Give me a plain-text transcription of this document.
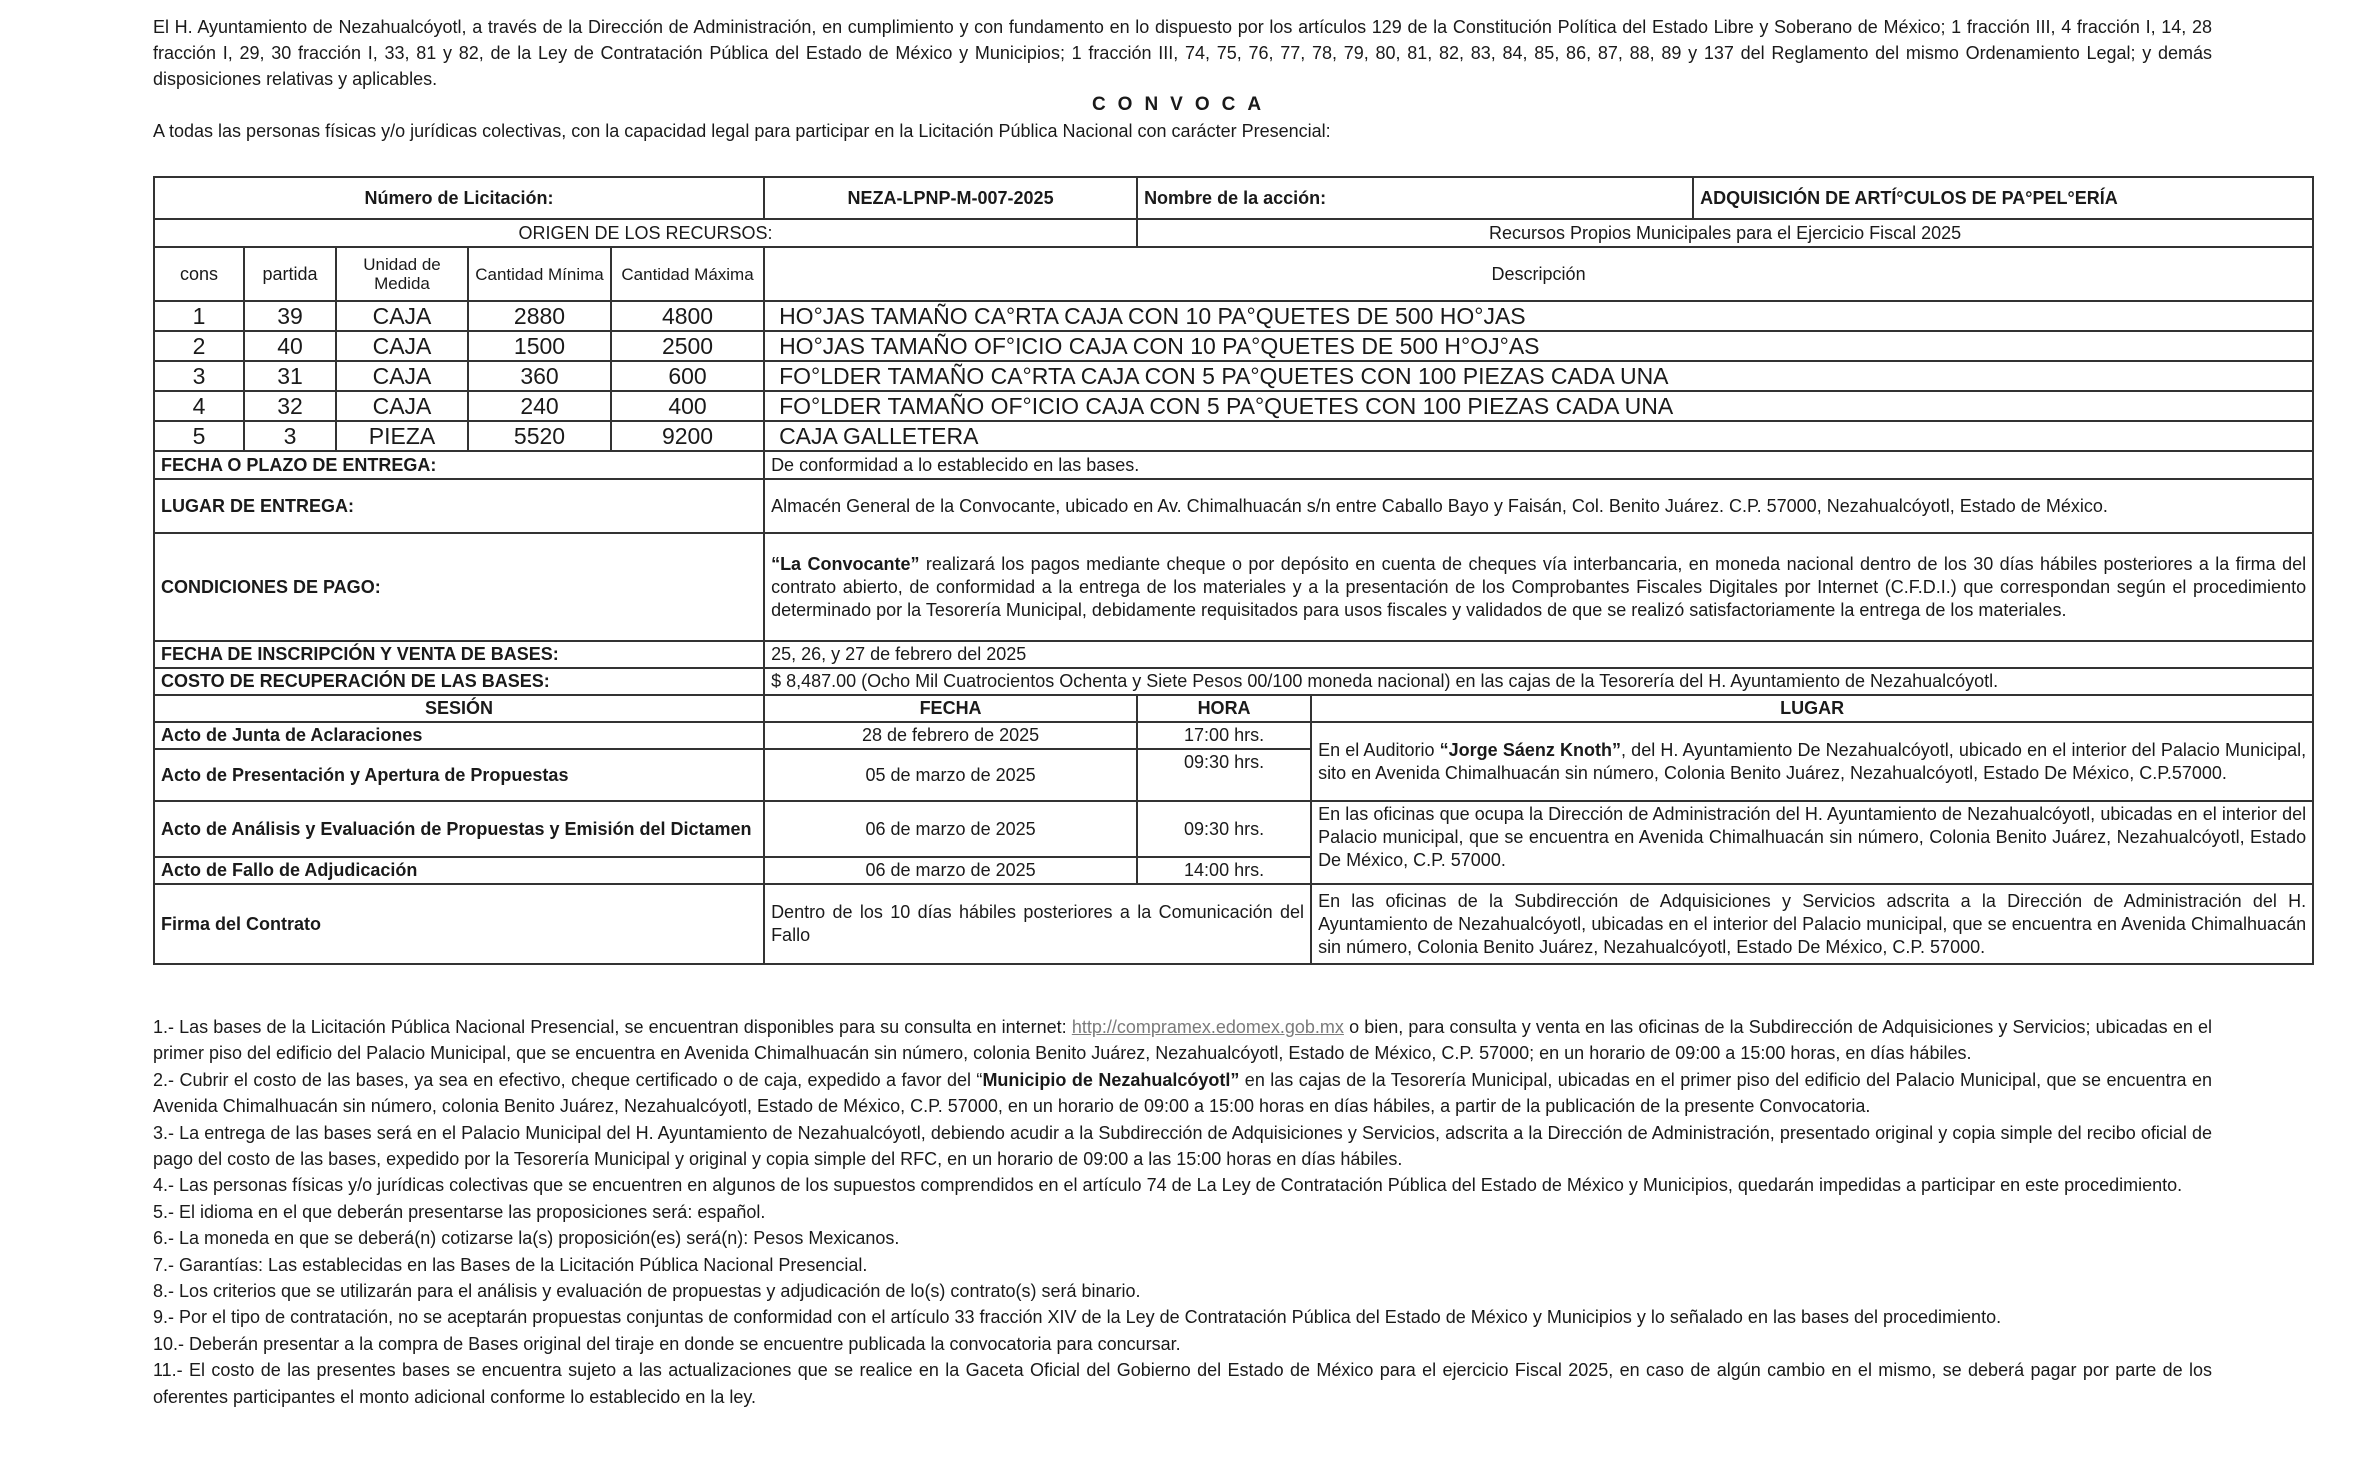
El H. Ayuntamiento de Nezahualcóyotl, a través de la Dirección de Administración, en cumplimiento y con fundamento en lo dispuesto por los artículos 129 de la Constitución Política del Estado Libre y Soberano de México; 1 fracción III, 4 fracción I, 14, 28 fracción I, 29, 30 fracción I, 33, 81 y 82, de la Ley de Contratación Pública del Estado de México y Municipios; 1 fracción III, 74, 75, 76, 77, 78, 79, 80, 81, 82, 83, 84, 85, 86, 87, 88, 89 y 137 del Reglamento del mismo Ordenamiento Legal; y demás disposiciones relativas y aplicables.
CONVOCA
A todas las personas físicas y/o jurídicas colectivas, con la capacidad legal para participar en la Licitación Pública Nacional con carácter Presencial:
Número de Licitación:					NEZA-LPNP-M-007-2025	Nombre de la acción:		ADQUISICIÓN DE ARTÍ°CULOS DE PA°PEL°ERÍA
ORIGEN DE LOS RECURSOS:						Recursos Propios Municipales para el Ejercicio Fiscal 2025		
cons	partida	Unidad de Medida	Cantidad Mínima	Cantidad Máxima	Descripción			
1	39	CAJA	2880	4800	HO°JAS TAMAÑO CA°RTA CAJA CON 10 PA°QUETES DE 500 HO°JAS			
2	40	CAJA	1500	2500	HO°JAS TAMAÑO OF°ICIO CAJA CON 10 PA°QUETES DE 500 H°OJ°AS			
3	31	CAJA	360	600	FO°LDER TAMAÑO CA°RTA CAJA CON 5 PA°QUETES CON 100 PIEZAS CADA UNA			
4	32	CAJA	240	400	FO°LDER TAMAÑO OF°ICIO CAJA CON 5 PA°QUETES CON 100 PIEZAS CADA UNA			
5	3	PIEZA	5520	9200	CAJA GALLETERA			
FECHA O PLAZO DE ENTREGA:					De conformidad a lo establecido en las bases.			
LUGAR DE ENTREGA:					Almacén General de la Convocante, ubicado en Av. Chimalhuacán s/n entre Caballo Bayo y Faisán, Col. Benito Juárez. C.P. 57000, Nezahualcóyotl, Estado de México.			
CONDICIONES DE PAGO:					“La Convocante” realizará los pagos mediante cheque o por depósito en cuenta de cheques vía interbancaria, en moneda nacional dentro de los 30 días hábiles posteriores a la firma del contrato abierto, de conformidad a la entrega de los materiales y a la presentación de los Comprobantes Fiscales Digitales por Internet (C.F.D.I.) que correspondan según el procedimiento determinado por la Tesorería Municipal, debidamente requisitados para usos fiscales y validados de que se realizó satisfactoriamente la entrega de los materiales.			
FECHA DE INSCRIPCIÓN Y VENTA DE BASES:					25, 26, y 27 de febrero del 2025			
COSTO DE RECUPERACIÓN DE LAS BASES:					$ 8,487.00 (Ocho Mil Cuatrocientos Ochenta y Siete Pesos 00/100 moneda nacional) en las cajas de la Tesorería del H. Ayuntamiento de Nezahualcóyotl.			
SESIÓN					FECHA	HORA	LUGAR	
Acto de Junta de Aclaraciones					28 de febrero de 2025	17:00 hrs.	En el Auditorio “Jorge Sáenz Knoth”, del H. Ayuntamiento De Nezahualcóyotl, ubicado en el interior del Palacio Municipal, sito en Avenida Chimalhuacán sin número, Colonia Benito Juárez, Nezahualcóyotl, Estado De México, C.P.57000.	
Acto de Presentación y Apertura de Propuestas					05 de marzo de 2025	09:30 hrs.		
Acto de Análisis y Evaluación de Propuestas y Emisión del Dictamen					06 de marzo de 2025	09:30 hrs.	En las oficinas que ocupa la Dirección de Administración del H. Ayuntamiento de Nezahualcóyotl, ubicadas en el interior del Palacio municipal, que se encuentra en Avenida Chimalhuacán sin número, Colonia Benito Juárez, Nezahualcóyotl, Estado De México, C.P. 57000.	
Acto de Fallo de Adjudicación					06 de marzo de 2025	14:00 hrs.		
Firma del Contrato					Dentro de los 10 días hábiles posteriores a la Comunicación del Fallo		En las oficinas de la Subdirección de Adquisiciones y Servicios adscrita a la Dirección de Administración del H. Ayuntamiento de Nezahualcóyotl, ubicadas en el interior del Palacio municipal, que se encuentra en Avenida Chimalhuacán sin número, Colonia Benito Juárez, Nezahualcóyotl, Estado De México, C.P. 57000.	

1.- Las bases de la Licitación Pública Nacional Presencial, se encuentran disponibles para su consulta en internet: http://compramex.edomex.gob.mx o bien, para consulta y venta en las oficinas de la Subdirección de Adquisiciones y Servicios; ubicadas en el primer piso del edificio del Palacio Municipal, que se encuentra en Avenida Chimalhuacán sin número, colonia Benito Juárez, Nezahualcóyotl, Estado de México, C.P. 57000; en un horario de 09:00 a 15:00 horas, en días hábiles.

2.- Cubrir el costo de las bases, ya sea en efectivo, cheque certificado o de caja, expedido a favor del “Municipio de Nezahualcóyotl” en las cajas de la Tesorería Municipal, ubicadas en el primer piso del edificio del Palacio Municipal, que se encuentra en Avenida Chimalhuacán sin número, colonia Benito Juárez, Nezahualcóyotl, Estado de México, C.P. 57000, en un horario de 09:00 a 15:00 horas en días hábiles, a partir de la publicación de la presente Convocatoria.

3.- La entrega de las bases será en el Palacio Municipal del H. Ayuntamiento de Nezahualcóyotl, debiendo acudir a la Subdirección de Adquisiciones y Servicios, adscrita a la Dirección de Administración, presentado original y copia simple del recibo oficial de pago del costo de las bases, expedido por la Tesorería Municipal y original y copia simple del RFC, en un horario de 09:00 a las 15:00 horas en días hábiles.

4.- Las personas físicas y/o jurídicas colectivas que se encuentren en algunos de los supuestos comprendidos en el artículo 74 de La Ley de Contratación Pública del Estado de México y Municipios, quedarán impedidas a participar en este procedimiento.

5.- El idioma en el que deberán presentarse las proposiciones será: español.

6.- La moneda en que se deberá(n) cotizarse la(s) proposición(es) será(n): Pesos Mexicanos.

7.- Garantías: Las establecidas en las Bases de la Licitación Pública Nacional Presencial.

8.- Los criterios que se utilizarán para el análisis y evaluación de propuestas y adjudicación de lo(s) contrato(s) será binario.

9.- Por el tipo de contratación, no se aceptarán propuestas conjuntas de conformidad con el artículo 33 fracción XIV de la Ley de Contratación Pública del Estado de México y Municipios y lo señalado en las bases del procedimiento.

10.- Deberán presentar a la compra de Bases original del tiraje en donde se encuentre publicada la convocatoria para concursar.

11.- El costo de las presentes bases se encuentra sujeto a las actualizaciones que se realice en la Gaceta Oficial del Gobierno del Estado de México para el ejercicio Fiscal 2025, en caso de algún cambio en el mismo, se deberá pagar por parte de los oferentes participantes el monto adicional conforme lo establecido en la ley.
